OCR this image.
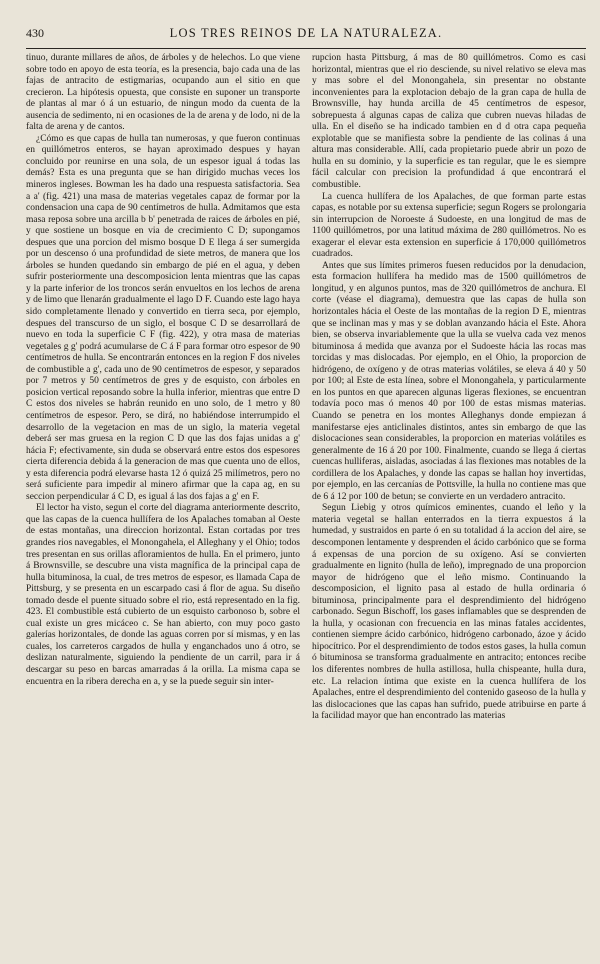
430	LOS TRES REINOS DE LA NATURALEZA.

tinuo, durante millares de años, de árboles y de helechos. Lo que viene sobre todo en apoyo de esta teoría, es la presencia, bajo cada una de las fajas de antracito de estigmarias, ocupando aun el sitio en que crecieron. La hipótesis opuesta, que consiste en suponer un transporte de plantas al mar ó á un estuario, de ningun modo da cuenta de la ausencia de sedimento, ni en ocasiones de la de arena y de lodo, ni de la falta de arena y de cantos.

¿Cómo es que capas de hulla tan numerosas, y que fueron continuas en quillómetros enteros, se hayan aproximado despues y hayan concluido por reunirse en una sola, de un espesor igual á todas las demás? Esta es una pregunta que se han dirigido muchas veces los mineros ingleses. Bowman les ha dado una respuesta satisfactoria. Sea a a' (fig. 421) una masa de materias vegetales capaz de formar por la condensacion una capa de 90 centímetros de hulla. Admitamos que esta masa reposa sobre una arcilla b b' penetrada de raices de árboles en pié, y que sostiene un bosque en via de crecimiento C D; supongamos despues que una porcion del mismo bosque D E llega á ser sumergida por un descenso ó una profundidad de siete metros, de manera que los árboles se hunden quedando sin embargo de pié en el agua, y deben sufrir posteriormente una descomposicion lenta mientras que las capas y la parte inferior de los troncos serán envueltos en los lechos de arena y de limo que llenarán gradualmente el lago D F. Cuando este lago haya sido completamente llenado y convertido en tierra seca, por ejemplo, despues del transcurso de un siglo, el bosque C D se desarrollará de nuevo en toda la superficie C F (fig. 422), y otra masa de materias vegetales g g' podrá acumularse de C á F para formar otro espesor de 90 centímetros de hulla. Se encontrarán entonces en la region F dos niveles de combustible a g', cada uno de 90 centímetros de espesor, y separados por 7 metros y 50 centímetros de gres y de esquisto, con árboles en posicion vertical reposando sobre la hulla inferior, mientras que entre D C estos dos niveles se habrán reunido en uno solo, de 1 metro y 80 centímetros de espesor. Pero, se dirá, no habiéndose interrumpido el desarrollo de la vegetacion en mas de un siglo, la materia vegetal deberá ser mas gruesa en la region C D que las dos fajas unidas a g' hácia F; efectivamente, sin duda se observará entre estos dos espesores cierta diferencia debida á la generacion de mas que cuenta uno de ellos, y esta diferencia podrá elevarse hasta 12 ó quizá 25 milímetros, pero no será suficiente para impedir al minero afirmar que la capa ag, en su seccion perpendicular á C D, es igual á las dos fajas a g' en F.

El lector ha visto, segun el corte del diagrama anteriormente descrito, que las capas de la cuenca hullífera de los Apalaches tomaban al Oeste de estas montañas, una direccion horizontal. Estan cortadas por tres grandes rios navegables, el Monongahela, el Alleghany y el Ohio; todos tres presentan en sus orillas afloramientos de hulla. En el primero, junto á Brownsville, se descubre una vista magnífica de la principal capa de hulla bituminosa, la cual, de tres metros de espesor, es llamada Capa de Pittsburg, y se presenta en un escarpado casi á flor de agua. Su diseño tomado desde el puente situado sobre el rio, está representado en la fig. 423. El combustible está cubierto de un esquisto carbonoso b, sobre el cual existe un gres micáceo c. Se han abierto, con muy poco gasto galerías horizontales, de donde las aguas corren por sí mismas, y en las cuales, los carreteros cargados de hulla y enganchados uno á otro, se deslizan naturalmente, siguiendo la pendiente de un carril, para ir á descargar su peso en barcas amarradas á la orilla. La misma capa se encuentra en la ribera derecha en a, y se la puede seguir sin inter-

rupcion hasta Pittsburg, á mas de 80 quillómetros. Como es casi horizontal, mientras que el rio desciende, su nivel relativo se eleva mas y mas sobre el del Monongahela, sin presentar no obstante inconvenientes para la explotacion debajo de la gran capa de hulla de Brownsville, hay hunda arcilla de 45 centímetros de espesor, sobrepuesta á algunas capas de caliza que cubren nuevas hiladas de ulla. En el diseño se ha indicado tambien en d d otra capa pequeña explotable que se manifiesta sobre la pendiente de las colinas á una altura mas considerable. Allí, cada propietario puede abrir un pozo de hulla en su dominio, y la superficie es tan regular, que le es siempre fácil calcular con precision la profundidad á que encontrará el combustible.

La cuenca hullífera de los Apalaches, de que forman parte estas capas, es notable por su extensa superficie; segun Rogers se prolongaria sin interrupcion de Noroeste á Sudoeste, en una longitud de mas de 1100 quillómetros, por una latitud máxima de 280 quillómetros. No es exagerar el elevar esta extension en superficie á 170,000 quillómetros cuadrados.

Antes que sus límites primeros fuesen reducidos por la denudacion, esta formacion hullífera ha medido mas de 1500 quillómetros de longitud, y en algunos puntos, mas de 320 quillómetros de anchura. El corte (véase el diagrama), demuestra que las capas de hulla son horizontales hácia el Oeste de las montañas de la region D E, mientras que se inclinan mas y mas y se doblan avanzando hácia el Este. Ahora bien, se observa invariablemente que la ulla se vuelva cada vez menos bituminosa á medida que avanza por el Sudoeste hácia las rocas mas torcidas y mas dislocadas. Por ejemplo, en el Ohio, la proporcion de hidrógeno, de oxígeno y de otras materias volátiles, se eleva á 40 y 50 por 100; al Este de esta línea, sobre el Monongahela, y particularmente en los puntos en que aparecen algunas ligeras flexiones, se encuentran todavía poco mas ó menos 40 por 100 de estas mismas materias. Cuando se penetra en los montes Alleghanys donde empiezan á manifestarse ejes anticlinales distintos, antes sin embargo de que las dislocaciones sean considerables, la proporcion en materias volátiles es generalmente de 16 á 20 por 100. Finalmente, cuando se llega á ciertas cuencas hulliferas, aisladas, asociadas á las flexiones mas notables de la cordillera de los Apalaches, y donde las capas se hallan hoy invertidas, por ejemplo, en las cercanías de Pottsville, la hulla no contiene mas que de 6 á 12 por 100 de betun; se convierte en un verdadero antracito.

Segun Liebig y otros químicos eminentes, cuando el leño y la materia vegetal se hallan enterrados en la tierra expuestos á la humedad, y sustraidos en parte ó en su totalidad á la accion del aire, se descomponen lentamente y desprenden el ácido carbónico que se forma á expensas de una porcion de su oxígeno. Así se convierten gradualmente en lignito (hulla de leño), impregnado de una proporcion mayor de hidrógeno que el leño mismo. Continuando la descomposicion, el lignito pasa al estado de hulla ordinaria ó bituminosa, principalmente para el desprendimiento del hidrógeno carbonado. Segun Bischoff, los gases inflamables que se desprenden de la hulla, y ocasionan con frecuencia en las minas fatales accidentes, contienen siempre ácido carbónico, hidrógeno carbonado, ázoe y ácido hipocítrico. Por el desprendimiento de todos estos gases, la hulla comun ó bituminosa se transforma gradualmente en antracito; entonces recibe los diferentes nombres de hulla astillosa, hulla chispeante, hulla dura, etc. La relacion íntima que existe en la cuenca hullífera de los Apalaches, entre el desprendimiento del contenido gaseoso de la hulla y las dislocaciones que las capas han sufrido, puede atribuirse en parte á la facilidad mayor que han encontrado las materias
